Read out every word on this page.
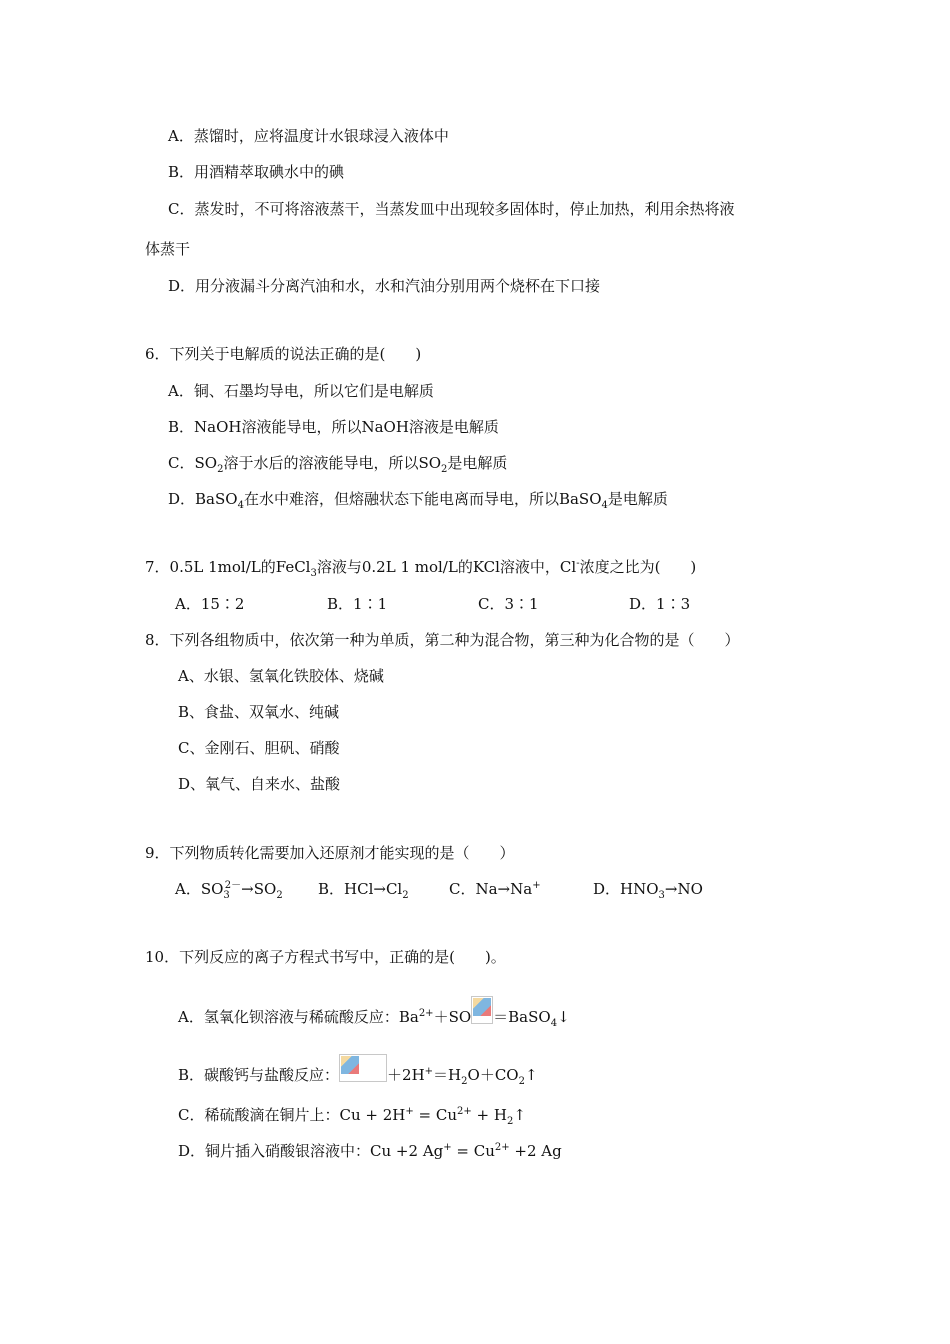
A．蒸馏时，应将温度计水银球浸入液体中
B．用酒精萃取碘水中的碘
C．蒸发时，不可将溶液蒸干，当蒸发皿中出现较多固体时，停止加热，利用余热将液
体蒸干
D．用分液漏斗分离汽油和水，水和汽油分别用两个烧杯在下口接
6．下列关于电解质的说法正确的是(　　)
A．铜、石墨均导电，所以它们是电解质
B．NaOH溶液能导电，所以NaOH溶液是电解质
C．$SO_2$溶于水后的溶液能导电，所以$SO_2$是电解质
D．BaSO$_4$在水中难溶，但熔融状态下能电离而导电，所以BaSO$_4$是电解质
7．0.5L 1mol/L的FeCl$_3$溶液与0.2L 1 mol/L的KCl溶液中，Cl-浓度之比为(　　)
A．15∶2	B．1∶1	C．3∶1	D．1∶3
8．下列各组物质中，依次第一种为单质，第二种为混合物，第三种为化合物的是（　　）
A、水银、氢氧化铁胶体、烧碱
B、食盐、双氧水、纯碱
C、金刚石、胆矾、硝酸
D、氧气、自来水、盐酸
9．下列物质转化需要加入还原剂才能实现的是（　　）
A．$SO_3^{2-}\to SO_2$ B．$HCl\to Cl_2$	C．Na→Na+	D．$HNO_3\to NO$
10．下列反应的离子方程式书写中，正确的是(　　)。
A．氢氧化钡溶液与稀硫酸反应：$Ba^{2+}+SO$ ＝BaSO$_4$↓
B．碳酸钙与盐酸反应：	$+2H^+=H_2O+CO_2↑$
C．稀硫酸滴在铜片上：$Cu + 2H^+ = Cu^{2+}$ + $H_2↑$
D．铜片插入硝酸银溶液中：Cu +2 $Ag^+ = Cu^{2+} +2$ Ag
